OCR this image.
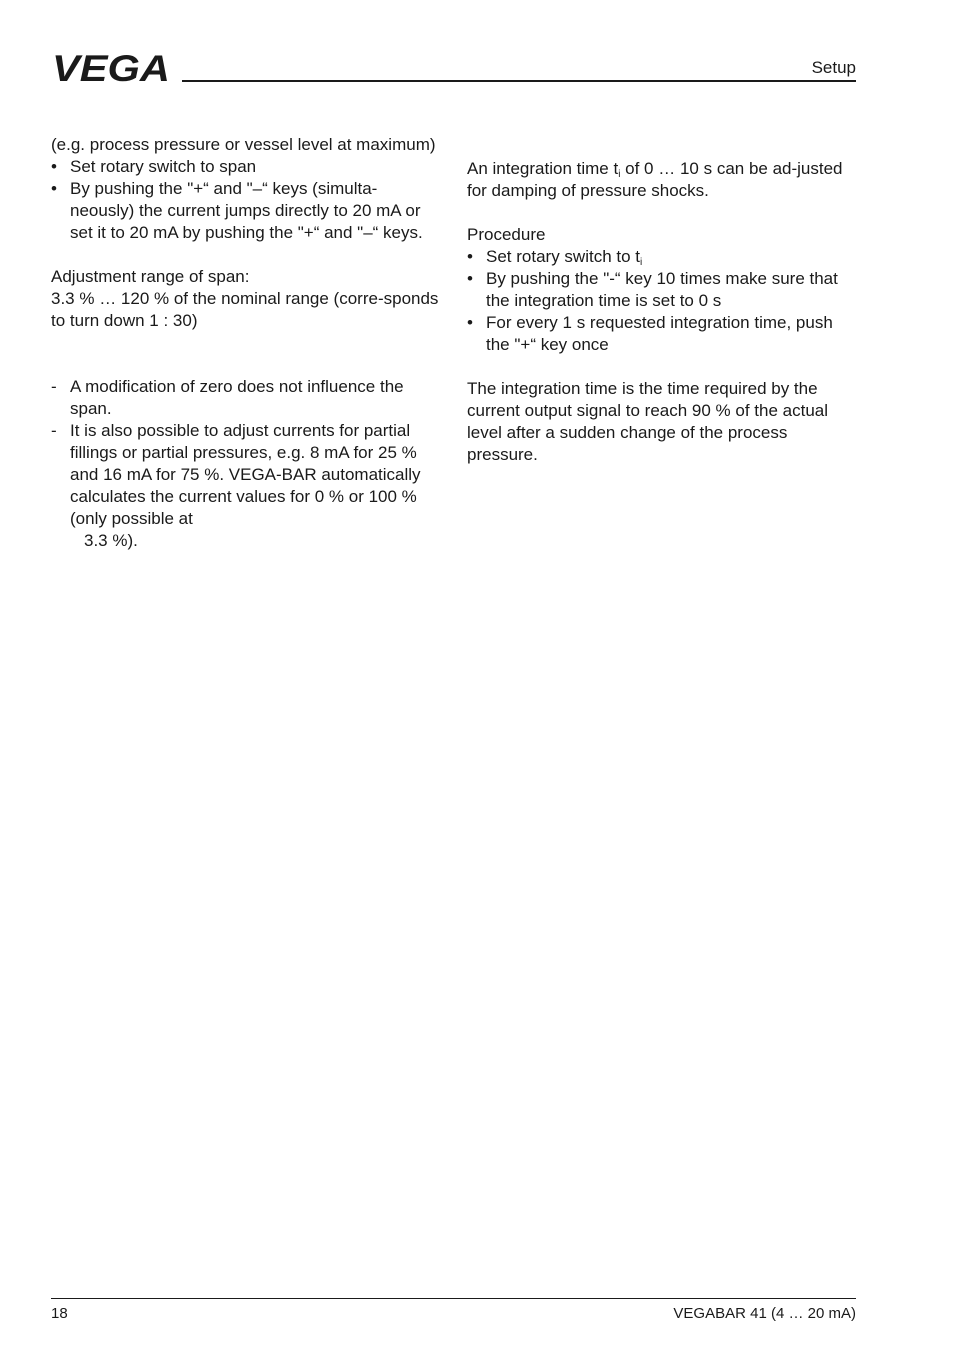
VEGA	Setup

(e.g. process pressure or vessel level at maximum)

• Set rotary switch to span
• By pushing the "+“ and "–“ keys (simulta-neously) the current jumps directly to 20 mA or set it to 20 mA by pushing the "+“ and "–“ keys.

Adjustment range of span:

3.3 % … 120 % of the nominal range (corre-sponds to turn down 1 : 30)

- A modification of zero does not influence the span.
- It is also possible to adjust currents for partial fillings or partial pressures, e.g. 8 mA for 25 % and 16 mA for 75 %. VEGA-BAR automatically calculates the current values for 0 % or 100 % (only possible at
3.3 %).

An integration time $t_i$ of 0 … 10 s can be ad-justed for damping of pressure shocks.

Procedure

• Set rotary switch to $t_i$
• By pushing the "-“ key 10 times make sure that the integration time is set to 0 s
• For every 1 s requested integration time, push the "+“ key once

The integration time is the time required by the current output signal to reach 90 % of the actual level after a sudden change of the process pressure.

18	VEGABAR 41 (4 … 20 mA)
